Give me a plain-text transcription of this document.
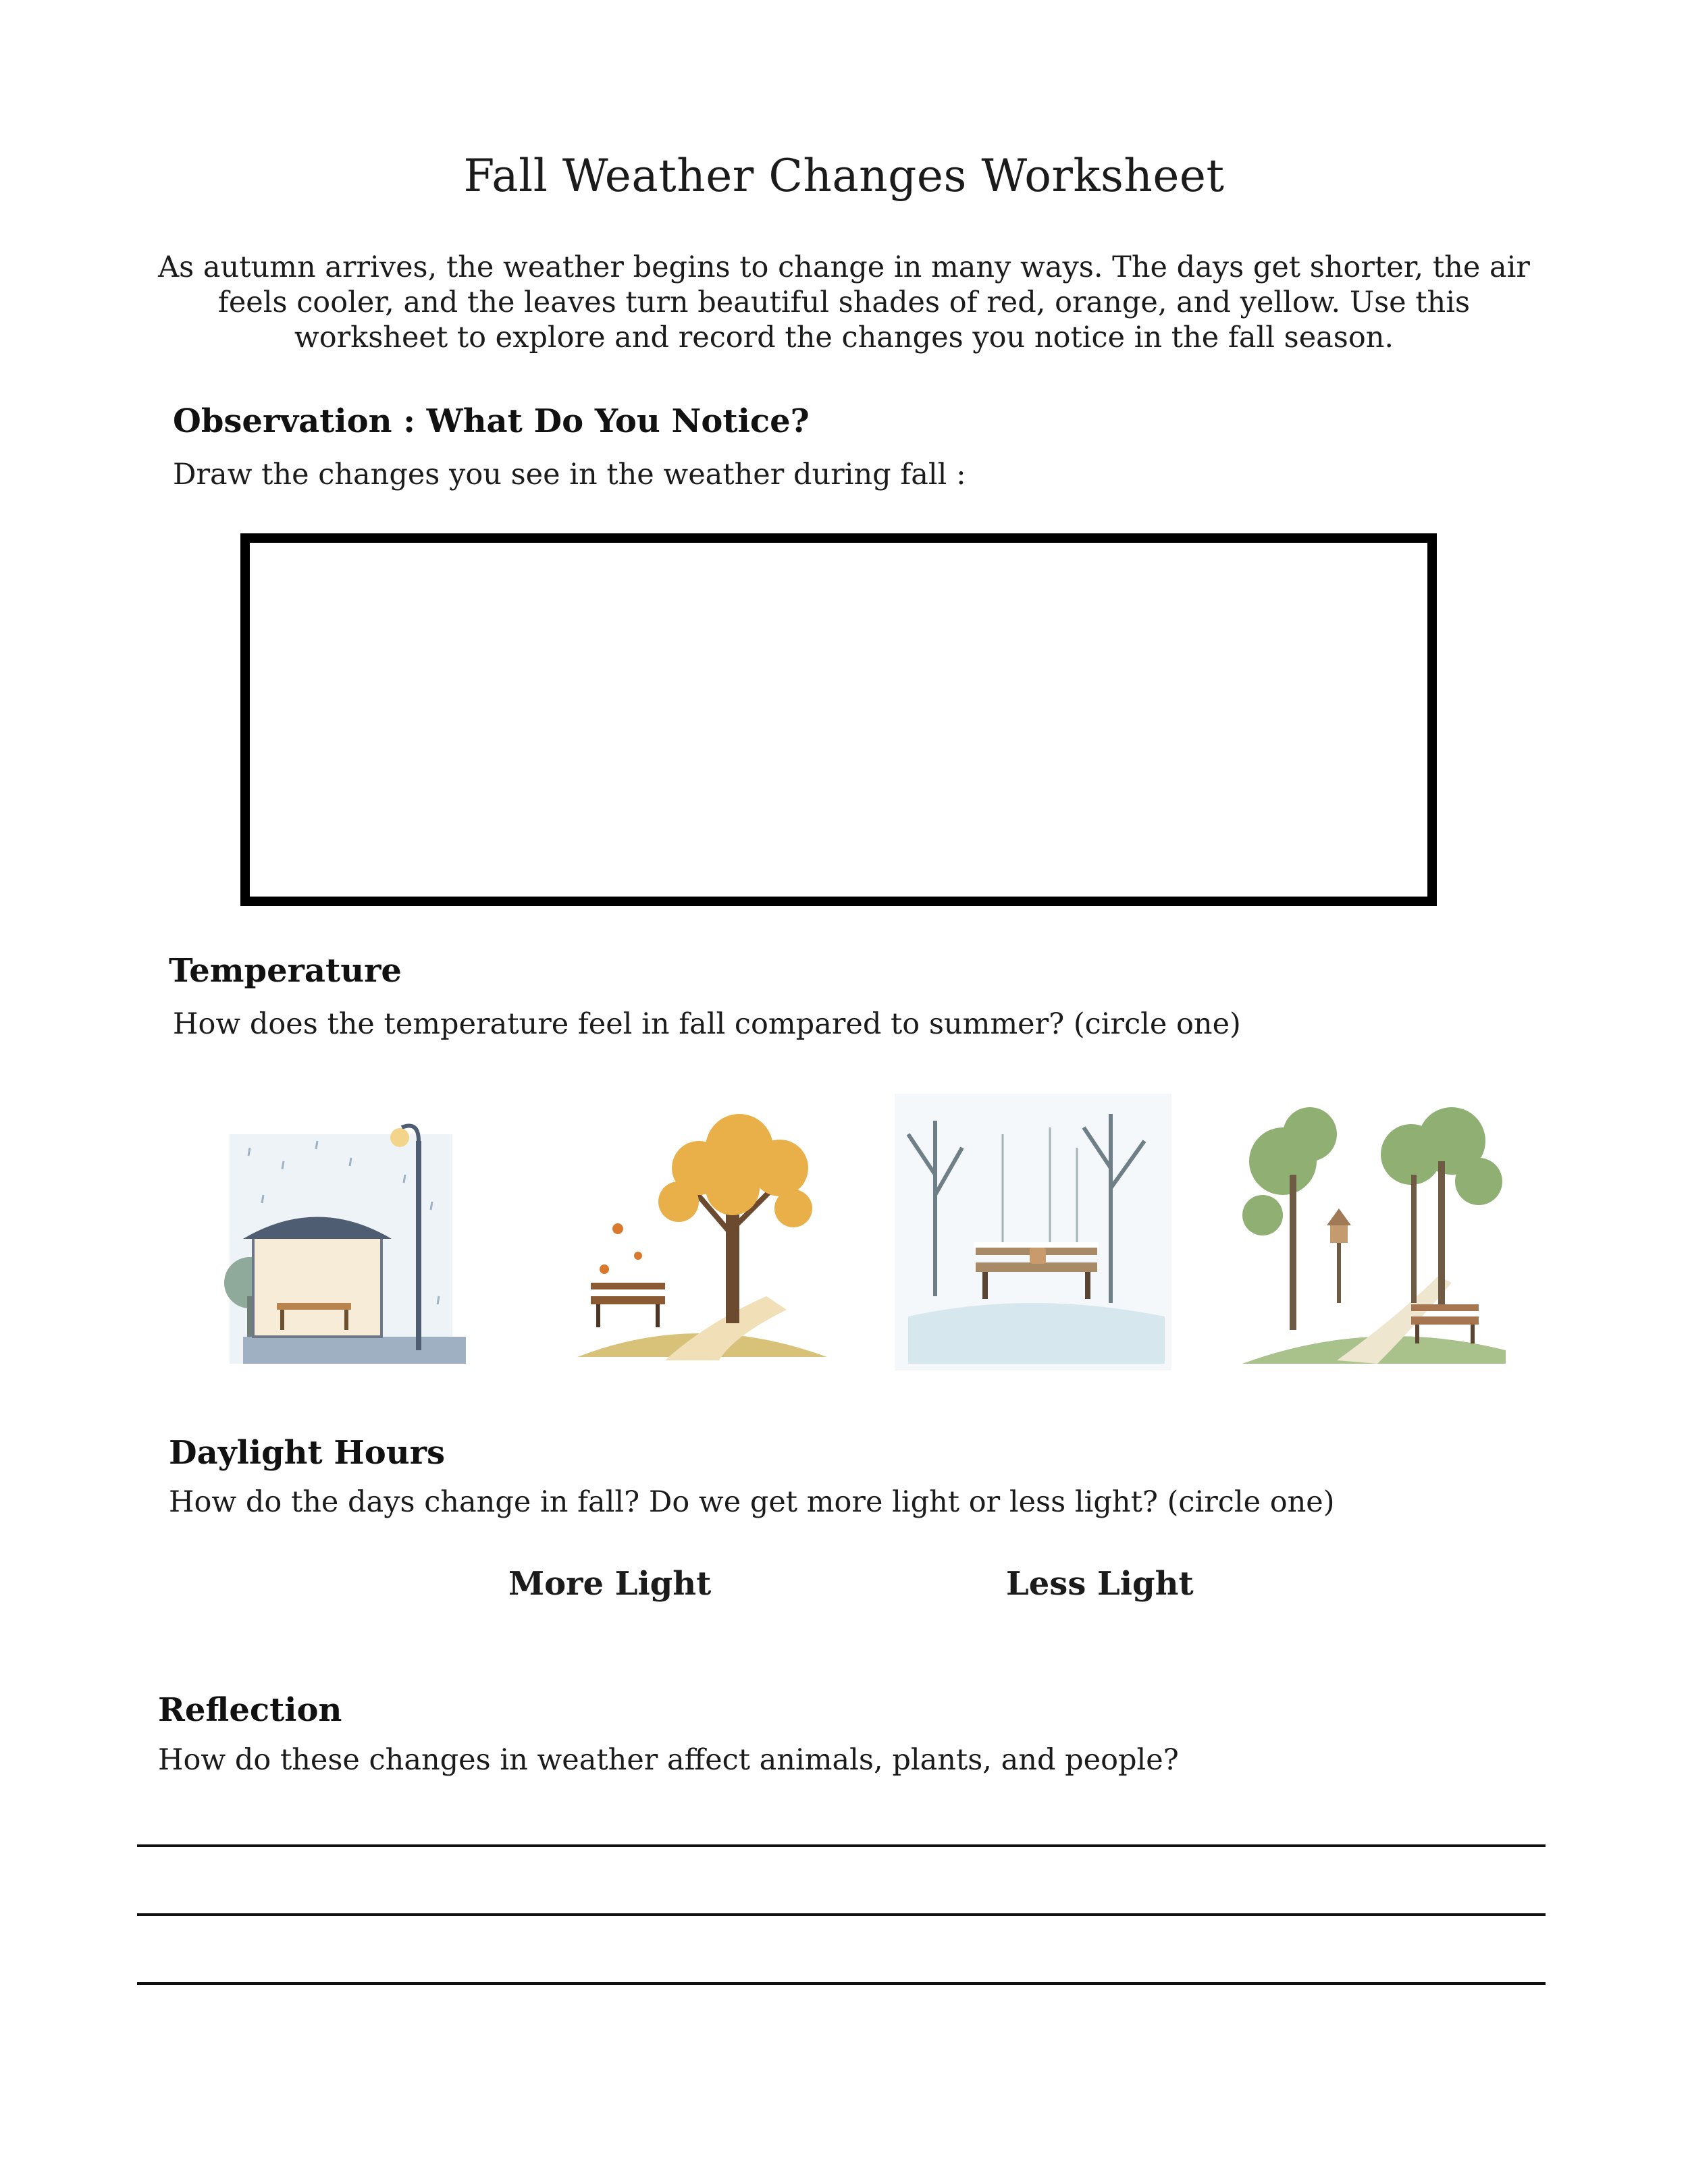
Fall Weather Changes Worksheet
As autumn arrives, the weather begins to change in many ways. The days get shorter, the air feels cooler, and the leaves turn beautiful shades of red, orange, and yellow. Use this worksheet to explore and record the changes you notice in the fall season.
Observation : What Do You Notice?
Draw the changes you see in the weather during fall :
Temperature
How does the temperature feel in fall compared to summer? (circle one)
Daylight Hours
How do the days change in fall? Do we get more light or less light? (circle one)
More Light	Less Light
Reflection
How do these changes in weather affect animals, plants, and people?
